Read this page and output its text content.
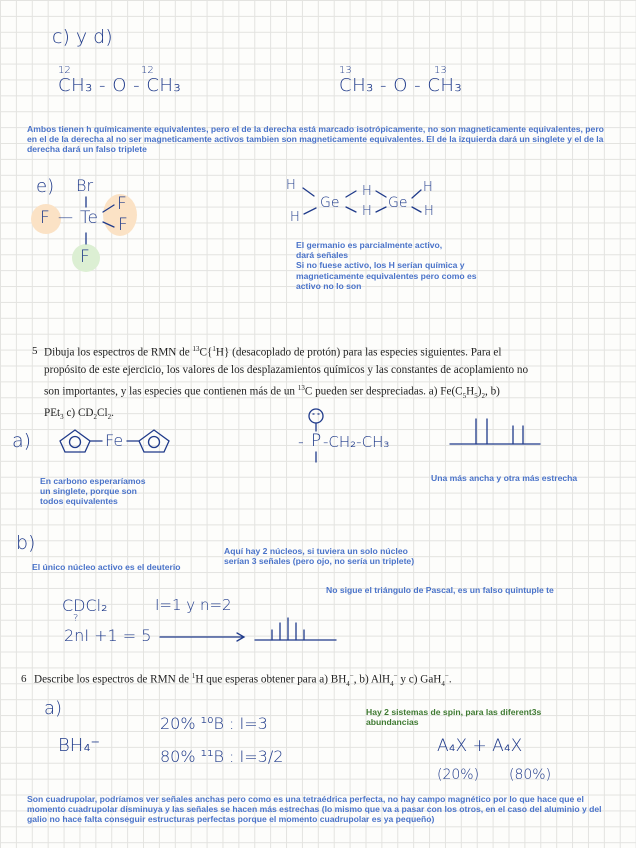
c) y d)
12	12
CH₃ - O - CH₃
13	13
CH₃ - O - CH₃
Ambos tienen h químicamente equivalentes, pero el de la derecha está marcado isotrópicamente, no son magneticamente equivalentes, pero en el de la derecha al no ser magneticamente activos tambien son magneticamente equivalentes. El de la izquierda dará un singlete y el de la derecha dará un falso triplete
e) Br
F — Te
F
F
F
H
H
Ge
H
H
Ge
H
H
El germanio es parcialmente activo,
dará señales
Si no fuese activo, los H serían química y
magneticamente equivalentes pero como es
activo no lo son
5 Dibuja los espectros de RMN de $^{13}$C{$^1$H} (desacoplado de protón) para las especies siguientes. Para el

propósito de este ejercicio, los valores de los desplazamientos químicos y las constantes de acoplamiento no

son importantes, y las especies que contienen más de un $^{13}$C pueden ser despreciadas. a) $Fe(C_5H_5)_2$, b)

PEt$_3$ c) $CD_2Cl_2$.

a)	Fe	- P -CH₂-CH₃
En carbono esperaríamos
un singlete, porque son
todos equivalentes
Una más ancha y otra más estrecha
b)
El único núcleo activo es el deuterio
Aquí hay 2 núcleos, si tuviera un solo núcleo
serían 3 señales (pero ojo, no sería un triplete)
No sigue el triángulo de Pascal, es un falso quintuple te
CDCl₂	I=1 y n=2
?
2nI +1 = 5
6 Describe los espectros de RMN de $^1$H que esperas obtener para a) $BH_4^-$, b) AlH$_4$− y c) GaH$_4$−.

a)
BH₄⁻
20% ¹⁰B : I=3
80% ¹¹B : I=3/2
Hay 2 sistemas de spin, para las diferent3s
abundancias
A₄X + A₄X
(20%) (80%)
Son cuadrupolar, podríamos ver señales anchas pero como es una tetraédrica perfecta, no hay campo magnético por lo que hace que el momento cuadrupolar disminuya y las señales se hacen más estrechas (lo mismo que va a pasar con los otros, en el caso del aluminio y del galio no hace falta conseguir estructuras perfectas porque el momento cuadrupolar es ya pequeño)
